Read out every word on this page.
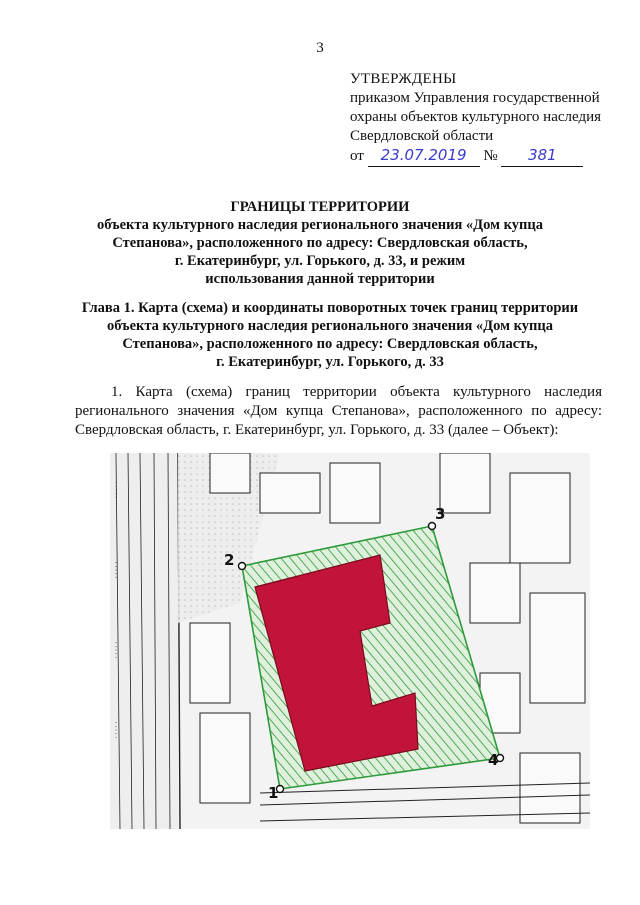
3
УТВЕРЖДЕНЫ
приказом Управления государственной
охраны объектов культурного наследия
Свердловской области
от 23.07.2019 № 381
ГРАНИЦЫ ТЕРРИТОРИИ
объекта культурного наследия регионального значения «Дом купца
Степанова», расположенного по адресу: Свердловская область,
г. Екатеринбург, ул. Горького, д. 33, и режим
использования данной территории
Глава 1. Карта (схема) и координаты поворотных точек границ территории
объекта культурного наследия регионального значения «Дом купца
Степанова», расположенного по адресу: Свердловская область,
г. Екатеринбург, ул. Горького, д. 33
1. Карта (схема) границ территории объекта культурного наследия регионального значения «Дом купца Степанова», расположенного по адресу: Свердловская область, г. Екатеринбург, ул. Горького, д. 33 (далее – Объект):
·····
·····
·····
·····
1
2
3
4
